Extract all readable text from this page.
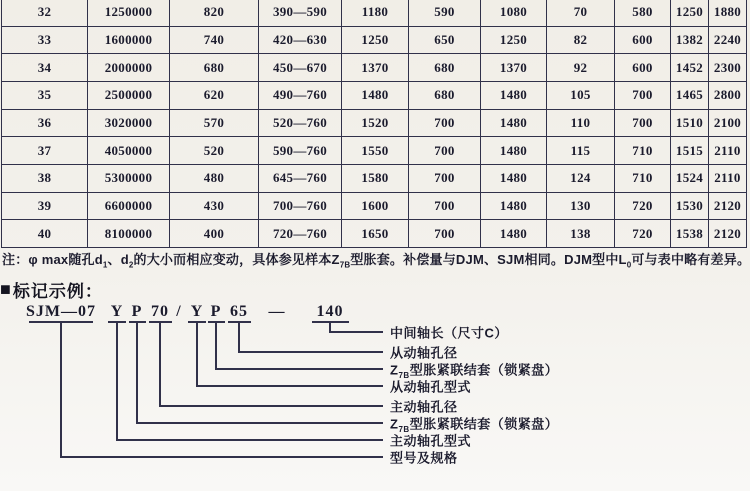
32	1250000	820	390—590	1180	590	1080	70	580	1250	1880
33	1600000	740	420—630	1250	650	1250	82	600	1382	2240
34	2000000	680	450—670	1370	680	1370	92	600	1452	2300
35	2500000	620	490—760	1480	680	1480	105	700	1465	2800
36	3020000	570	520—760	1520	700	1480	110	700	1510	2100
37	4050000	520	590—760	1550	700	1480	115	710	1515	2110
38	5300000	480	645—760	1580	700	1480	124	710	1524	2110
39	6600000	430	700—760	1600	700	1480	130	720	1530	2120
40	8100000	400	720—760	1650	700	1480	138	720	1538	2120
注：φ max随孔$d_1$、$d_2$的大小而相应变动，具体参见样本$Z_{7B}$型胀套。补偿量与DJM、SJM相同。DJM型中$L_0$可与表中略有差异。
■ 标记示例：
SJM—07 Y P 70 / Y P 65 — 140
中间轴长（尺寸C）
从动轴孔径
$Z_{7B}$型胀紧联结套（锁紧盘）
从动轴孔型式
主动轴孔径
$Z_{7B}$型胀紧联结套（锁紧盘）
主动轴孔型式
型号及规格
